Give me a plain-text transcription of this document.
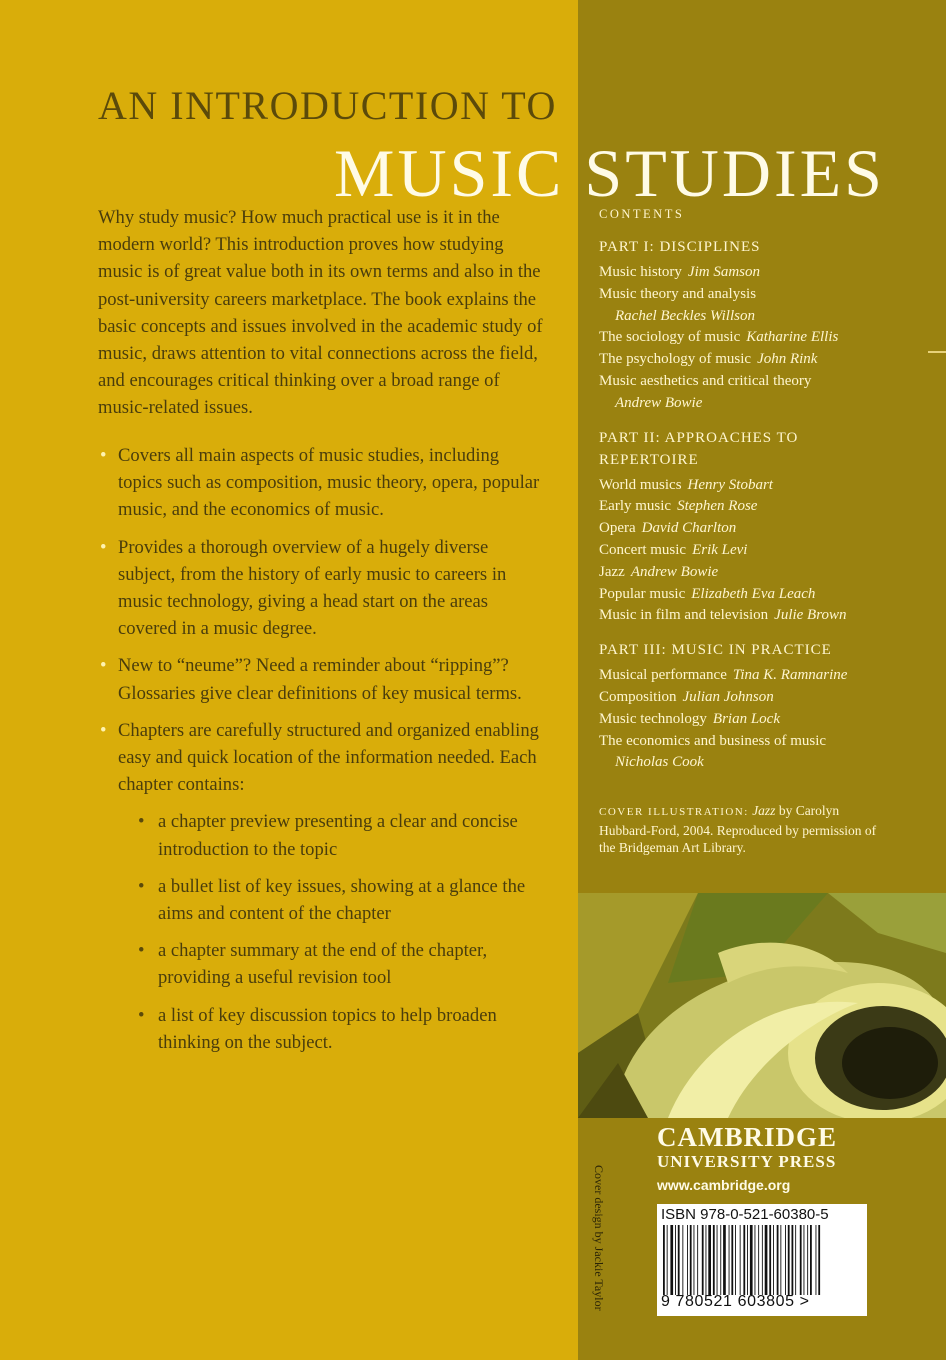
AN INTRODUCTION TO
MUSIC STUDIES

Why study music? How much practical use is it in the modern world? This introduction proves how studying music is of great value both in its own terms and also in the post-university careers marketplace. The book explains the basic concepts and issues involved in the academic study of music, draws attention to vital connections across the field, and encourages critical thinking over a broad range of music-related issues.

• Covers all main aspects of music studies, including topics such as composition, music theory, opera, popular music, and the economics of music.
• Provides a thorough overview of a hugely diverse subject, from the history of early music to careers in music technology, giving a head start on the areas covered in a music degree.
• New to “neume”? Need a reminder about “ripping”? Glossaries give clear definitions of key musical terms.
• Chapters are carefully structured and organized enabling easy and quick location of the information needed. Each chapter contains:
• a chapter preview presenting a clear and concise introduction to the topic
• a bullet list of key issues, showing at a glance the aims and content of the chapter
• a chapter summary at the end of the chapter, providing a useful revision tool
• a list of key discussion topics to help broaden thinking on the subject.
CONTENTS
PART I: DISCIPLINES
Music history Jim Samson
Music theory and analysis
Rachel Beckles Willson
The sociology of music Katharine Ellis
The psychology of music John Rink
Music aesthetics and critical theory
Andrew Bowie
PART II: APPROACHES TO REPERTOIRE
World musics Henry Stobart
Early music Stephen Rose
Opera David Charlton
Concert music Erik Levi
Jazz Andrew Bowie
Popular music Elizabeth Eva Leach
Music in film and television Julie Brown
PART III: MUSIC IN PRACTICE
Musical performance Tina K. Ramnarine
Composition Julian Johnson
Music technology Brian Lock
The economics and business of music
Nicholas Cook
COVER ILLUSTRATION: Jazz by Carolyn Hubbard-Ford, 2004. Reproduced by permission of the Bridgeman Art Library.
Cover design by Jackie Taylor
CAMBRIDGE
UNIVERSITY PRESS
www.cambridge.org
ISBN 978-0-521-60380-5
9 780521 603805 >
